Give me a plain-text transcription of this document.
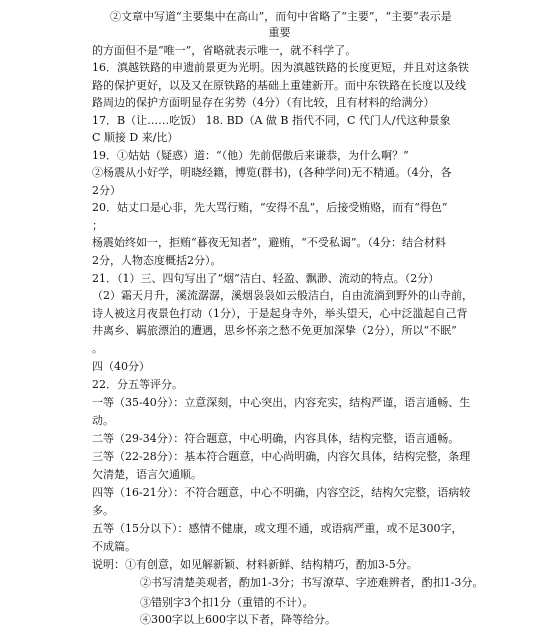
②文章中写道“主要集中在高山”，而句中省略了“主要”，“主要”表示是
重要
的方面但不是“唯一”，省略就表示唯一，就不科学了。
16．滇越铁路的申遗前景更为光明。因为滇越铁路的长度更短，并且对这条铁
路的保护更好，以及又在原铁路的基础上重建新开。而中东铁路在长度以及线
路周边的保护方面明显存在劣势（4分）（有比较，且有材料的给满分）
17．B（让……吃饭） 18. BD（A 做 B 指代不同，C 代门人/代这种景象
C 顺接 D 来/比）
19．①姑姑（疑惑）道：“（他）先前倨傲后来谦恭，为什么啊？”
②杨震从小好学，明晓经籍，博览(群书)，(各种学问)无不精通。（4分，各
2分）
20．姑丈口是心非，先大骂行贿，“安得不乱”，后接受贿赂，而有“得色”
；
杨震始终如一，拒贿“暮夜无知者”，避贿，“不受私谒”。（4分：结合材料
2分，人物态度概括2分）。
21．（1）三、四句写出了“烟”洁白、轻盈、飘渺、流动的特点。（2分）
（2）霜天月升，溪流潺潺，溪烟袅袅如云般洁白，自由流淌到野外的山寺前，
诗人被这月夜景色打动（1分），于是起身寺外，举头望天，心中泛滥起自己背
井离乡、羁旅漂泊的遭遇，思乡怀亲之愁不免更加深挚（2分），所以“不眠”
。
四（40分）
22．分五等评分。
一等（35-40分）：立意深刻，中心突出，内容充实，结构严谨，语言通畅、生
动。
二等（29-34分）：符合题意，中心明确，内容具体，结构完整，语言通畅。
三等（22-28分）：基本符合题意，中心尚明确，内容欠具体，结构完整，条理
欠清楚，语言欠通顺。
四等（16-21分）：不符合题意，中心不明确，内容空泛，结构欠完整，语病较
多。
五等（15分以下）：感情不健康，或文理不通，或语病严重，或不足300字，
不成篇。
说明：①有创意，如见解新颖、材料新鲜、结构精巧，酌加3-5分。
②书写清楚美观者，酌加1-3分；书写潦草、字迹难辨者，酌扣1-3分。
③错别字3个扣1分（重错的不计）。
④300字以上600字以下者，降等给分。
